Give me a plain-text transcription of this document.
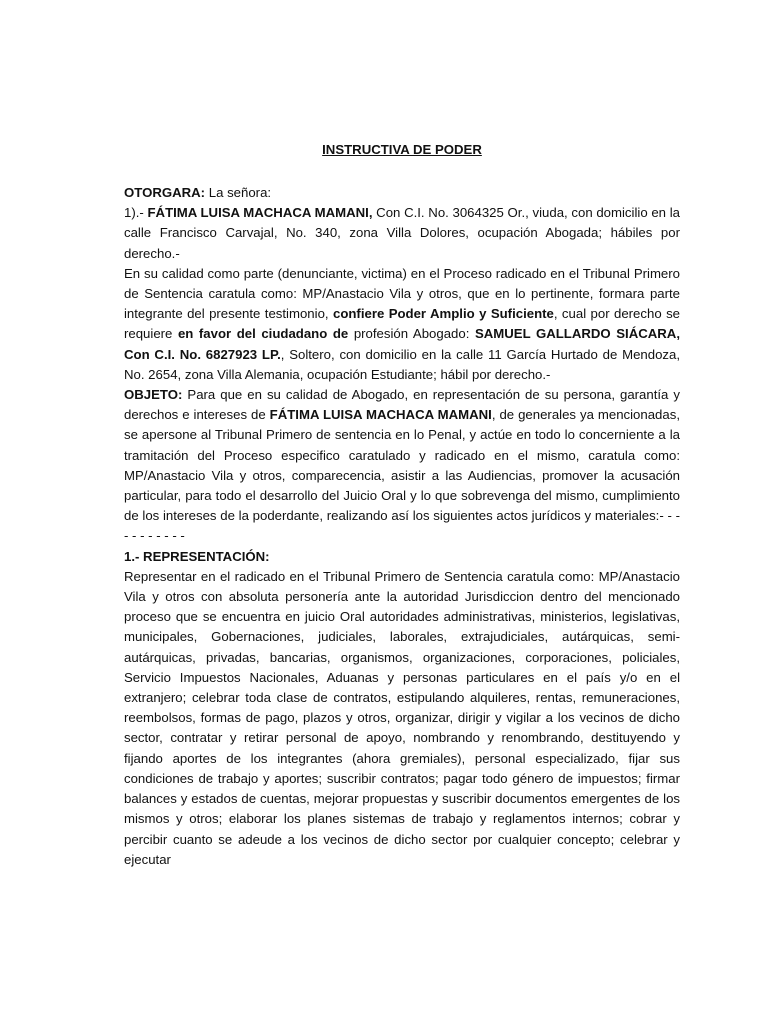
INSTRUCTIVA DE PODER

OTORGARA: La señora:

1).- FÁTIMA LUISA MACHACA MAMANI, Con C.I. No. 3064325 Or., viuda, con domicilio en la calle Francisco Carvajal, No. 340, zona Villa Dolores, ocupación Abogada; hábiles por derecho.-

En su calidad como parte (denunciante, victima) en el Proceso radicado en el Tribunal Primero de Sentencia caratula como: MP/Anastacio Vila y otros, que en lo pertinente, formara parte integrante del presente testimonio, confiere Poder Amplio y Suficiente, cual por derecho se requiere en favor del ciudadano de profesión Abogado: SAMUEL GALLARDO SIÁCARA, Con C.I. No. 6827923 LP., Soltero, con domicilio en la calle 11 García Hurtado de Mendoza, No. 2654, zona Villa Alemania, ocupación Estudiante; hábil por derecho.-

OBJETO: Para que en su calidad de Abogado, en representación de su persona, garantía y derechos e intereses de FÁTIMA LUISA MACHACA MAMANI, de generales ya mencionadas, se apersone al Tribunal Primero de sentencia en lo Penal, y actúe en todo lo concerniente a la tramitación del Proceso especifico caratulado y radicado en el mismo, caratula como: MP/Anastacio Vila y otros, comparecencia, asistir a las Audiencias, promover la acusación particular, para todo el desarrollo del Juicio Oral y lo que sobrevenga del mismo, cumplimiento de los intereses de la poderdante, realizando así los siguientes actos jurídicos y materiales:- - - - - - - - - - -

1.- REPRESENTACIÓN:

Representar en el radicado en el Tribunal Primero de Sentencia caratula como: MP/Anastacio Vila y otros con absoluta personería ante la autoridad Jurisdiccion dentro del mencionado proceso que se encuentra en juicio Oral autoridades administrativas, ministerios, legislativas, municipales, Gobernaciones, judiciales, laborales, extrajudiciales, autárquicas, semi-autárquicas, privadas, bancarias, organismos, organizaciones, corporaciones, policiales, Servicio Impuestos Nacionales, Aduanas y personas particulares en el país y/o en el extranjero; celebrar toda clase de contratos, estipulando alquileres, rentas, remuneraciones, reembolsos, formas de pago, plazos y otros, organizar, dirigir y vigilar a los vecinos de dicho sector, contratar y retirar personal de apoyo, nombrando y renombrando, destituyendo y fijando aportes de los integrantes (ahora gremiales), personal especializado, fijar sus condiciones de trabajo y aportes; suscribir contratos; pagar todo género de impuestos; firmar balances y estados de cuentas, mejorar propuestas y suscribir documentos emergentes de los mismos y otros; elaborar los planes sistemas de trabajo y reglamentos internos; cobrar y percibir cuanto se adeude a los vecinos de dicho sector por cualquier concepto; celebrar y ejecutar
